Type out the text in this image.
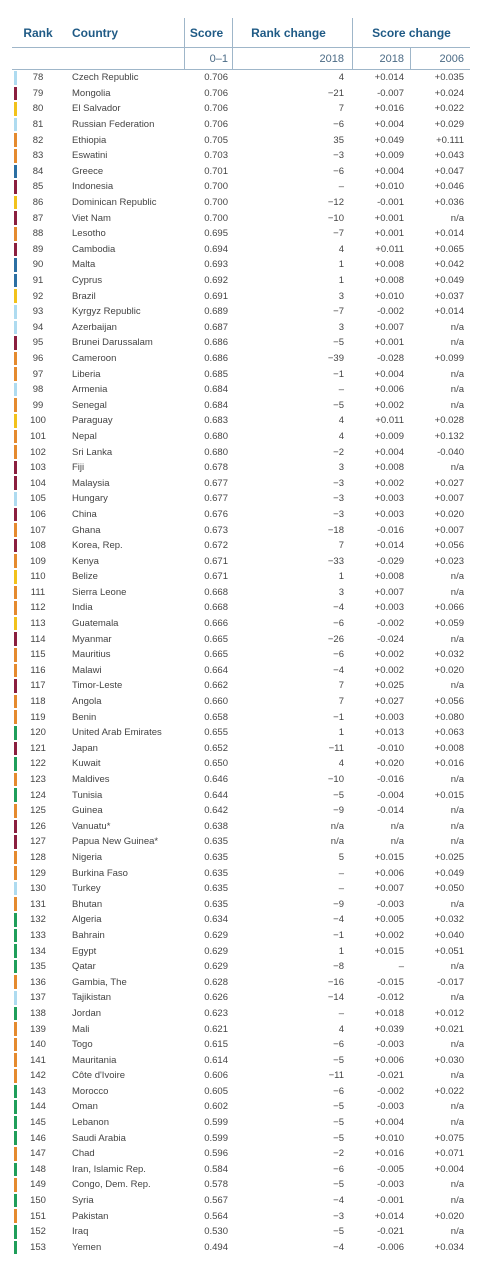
Rank	Country	Score	Rank change	Score change
0–1	2018	2018	2006
78	Czech Republic	0.706	4	+0.014	+0.035
79	Mongolia	0.706	−21	-0.007	+0.024
80	El Salvador	0.706	7	+0.016	+0.022
81	Russian Federation	0.706	−6	+0.004	+0.029
82	Ethiopia	0.705	35	+0.049	+0.111
83	Eswatini	0.703	−3	+0.009	+0.043
84	Greece	0.701	−6	+0.004	+0.047
85	Indonesia	0.700	–	+0.010	+0.046
86	Dominican Republic	0.700	−12	-0.001	+0.036
87	Viet Nam	0.700	−10	+0.001	n/a
88	Lesotho	0.695	−7	+0.001	+0.014
89	Cambodia	0.694	4	+0.011	+0.065
90	Malta	0.693	1	+0.008	+0.042
91	Cyprus	0.692	1	+0.008	+0.049
92	Brazil	0.691	3	+0.010	+0.037
93	Kyrgyz Republic	0.689	−7	-0.002	+0.014
94	Azerbaijan	0.687	3	+0.007	n/a
95	Brunei Darussalam	0.686	−5	+0.001	n/a
96	Cameroon	0.686	−39	-0.028	+0.099
97	Liberia	0.685	−1	+0.004	n/a
98	Armenia	0.684	–	+0.006	n/a
99	Senegal	0.684	−5	+0.002	n/a
100	Paraguay	0.683	4	+0.011	+0.028
101	Nepal	0.680	4	+0.009	+0.132
102	Sri Lanka	0.680	−2	+0.004	-0.040
103	Fiji	0.678	3	+0.008	n/a
104	Malaysia	0.677	−3	+0.002	+0.027
105	Hungary	0.677	−3	+0.003	+0.007
106	China	0.676	−3	+0.003	+0.020
107	Ghana	0.673	−18	-0.016	+0.007
108	Korea, Rep.	0.672	7	+0.014	+0.056
109	Kenya	0.671	−33	-0.029	+0.023
110	Belize	0.671	1	+0.008	n/a
111	Sierra Leone	0.668	3	+0.007	n/a
112	India	0.668	−4	+0.003	+0.066
113	Guatemala	0.666	−6	-0.002	+0.059
114	Myanmar	0.665	−26	-0.024	n/a
115	Mauritius	0.665	−6	+0.002	+0.032
116	Malawi	0.664	−4	+0.002	+0.020
117	Timor-Leste	0.662	7	+0.025	n/a
118	Angola	0.660	7	+0.027	+0.056
119	Benin	0.658	−1	+0.003	+0.080
120	United Arab Emirates	0.655	1	+0.013	+0.063
121	Japan	0.652	−11	-0.010	+0.008
122	Kuwait	0.650	4	+0.020	+0.016
123	Maldives	0.646	−10	-0.016	n/a
124	Tunisia	0.644	−5	-0.004	+0.015
125	Guinea	0.642	−9	-0.014	n/a
126	Vanuatu*	0.638	n/a	n/a	n/a
127	Papua New Guinea*	0.635	n/a	n/a	n/a
128	Nigeria	0.635	5	+0.015	+0.025
129	Burkina Faso	0.635	–	+0.006	+0.049
130	Turkey	0.635	–	+0.007	+0.050
131	Bhutan	0.635	−9	-0.003	n/a
132	Algeria	0.634	−4	+0.005	+0.032
133	Bahrain	0.629	−1	+0.002	+0.040
134	Egypt	0.629	1	+0.015	+0.051
135	Qatar	0.629	−8	–	n/a
136	Gambia, The	0.628	−16	-0.015	-0.017
137	Tajikistan	0.626	−14	-0.012	n/a
138	Jordan	0.623	–	+0.018	+0.012
139	Mali	0.621	4	+0.039	+0.021
140	Togo	0.615	−6	-0.003	n/a
141	Mauritania	0.614	−5	+0.006	+0.030
142	Côte d'Ivoire	0.606	−11	-0.021	n/a
143	Morocco	0.605	−6	-0.002	+0.022
144	Oman	0.602	−5	-0.003	n/a
145	Lebanon	0.599	−5	+0.004	n/a
146	Saudi Arabia	0.599	−5	+0.010	+0.075
147	Chad	0.596	−2	+0.016	+0.071
148	Iran, Islamic Rep.	0.584	−6	-0.005	+0.004
149	Congo, Dem. Rep.	0.578	−5	-0.003	n/a
150	Syria	0.567	−4	-0.001	n/a
151	Pakistan	0.564	−3	+0.014	+0.020
152	Iraq	0.530	−5	-0.021	n/a
153	Yemen	0.494	−4	-0.006	+0.034
